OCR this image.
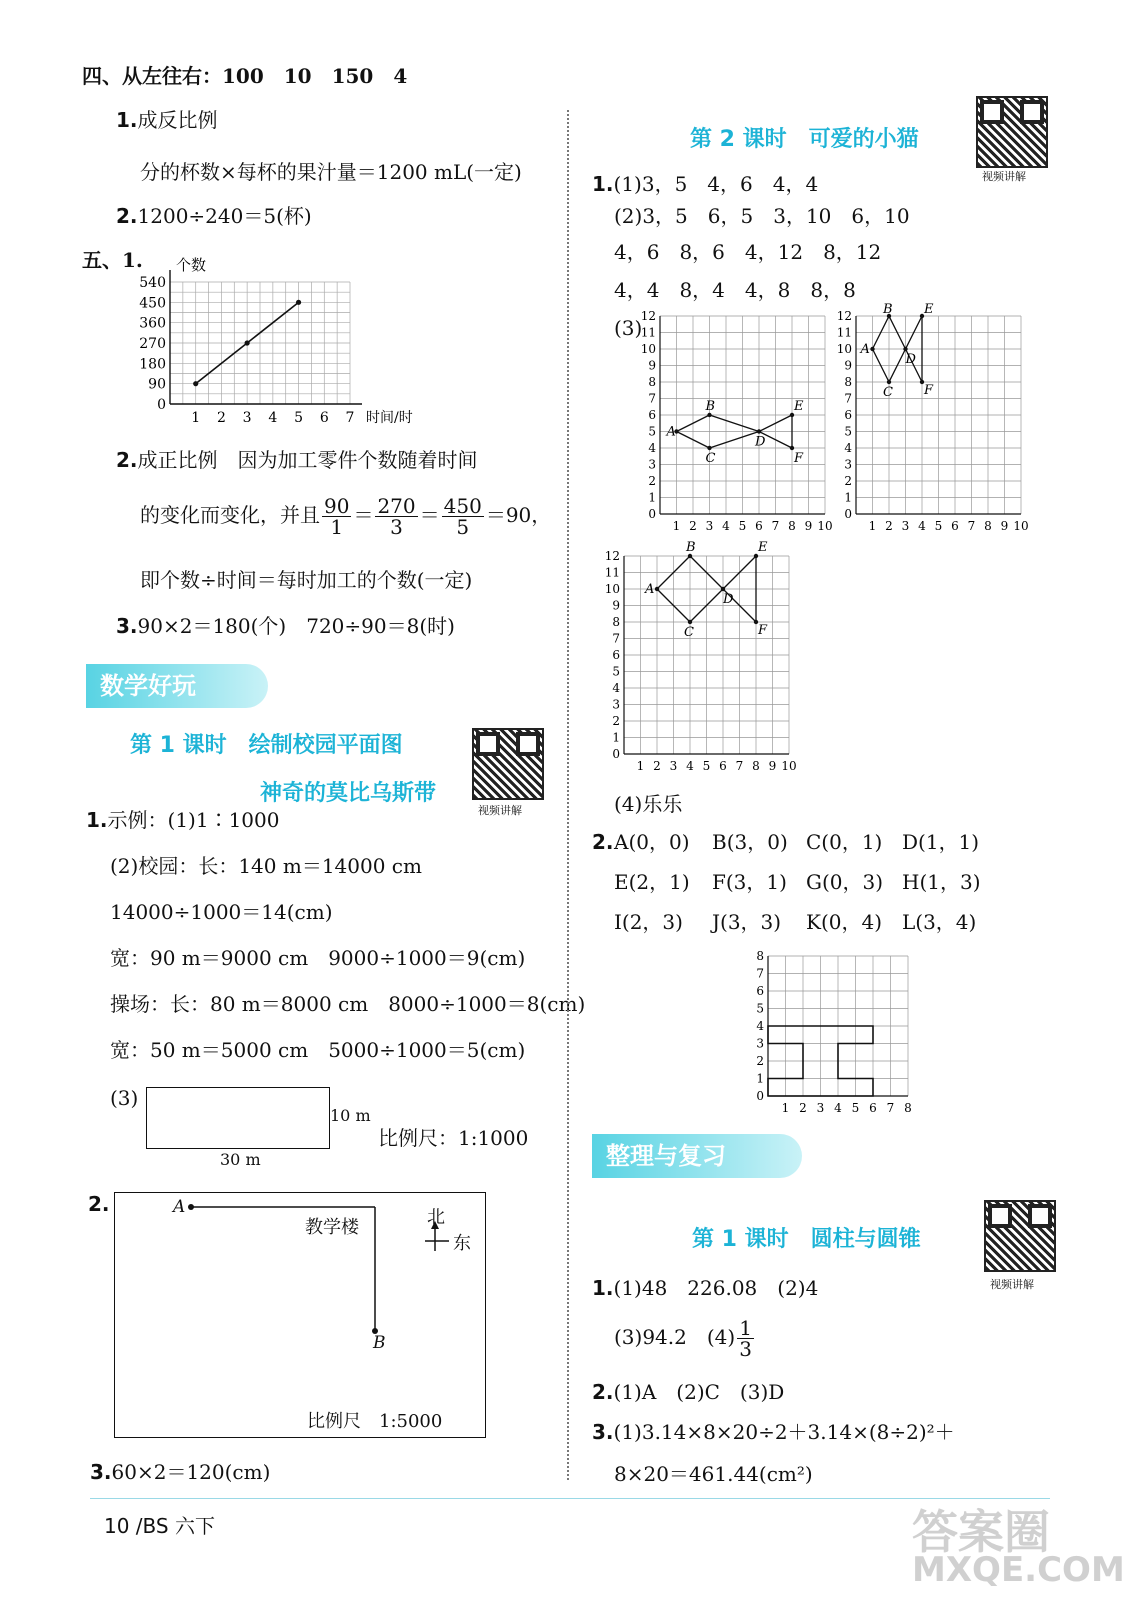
四、从左往右：100　10　150　4
1.成反比例
分的杯数×每杯的果汁量＝1200 mL(一定)
2.1200÷240＝5(杯)
五、1.
0
90
180
270
360
450
540
1 2 3 4 5 6 7
个数
时间/时
2.成正比例　因为加工零件个数随着时间
的变化而变化，并且 $\frac{90}{1} = \frac{270}{3} = \frac{450}{5} =90$，
即个数÷时间＝每时加工的个数(一定)
3.90×2＝180(个)　720÷90＝8(时)
数学好玩
第 1 课时　绘制校园平面图
神奇的莫比乌斯带
视频讲解
1.示例：(1)1∶1000
(2)校园：长：140 m＝14000 cm
14000÷1000＝14(cm)
宽：90 m＝9000 cm　9000÷1000＝9(cm)
操场：长：80 m＝8000 cm　8000÷1000＝8(cm)
宽：50 m＝5000 cm　5000÷1000＝5(cm)
(3)
30 m
10 m
比例尺：1:1000
2.	A
B
教学楼	北
东
比例尺　1:5000
3.60×2＝120(cm)
第 2 课时　可爱的小猫
视频讲解
1.(1)3，5　4，6　4，4
(2)3，5　6，5　3，10　6，10
4，6　8，6　4，12　8，12
4，4　8，4　4，8　8，8
(3)
0
1
2
3
4
5
6
7
8
9
10
11
12
1 2 3 4 5 6 7 8 9 10
A
B
C
D
E
F
0
1
2
3
4
5
6
7
8
9
10
11
12
1 2 3 4 5 6 7 8 9 10
A
B
C
D
E
F
0
1
2
3
4
5
6
7
8
9
10
11
12
1 2 3 4 5 6 7 8 9 10
A
B
C
D
E
F
(4)乐乐
2. A(0，0) B(3，0) C(0，1) D(1，1)
E(2，1) F(3，1) G(0，3) H(1，3)
I(2，3) J(3，3) K(0，4) L(3，4)
0
1
2
3
4
5
6
7
8
1 2 3 4 5 6 7 8
整理与复习
第 1 课时　圆柱与圆锥
视频讲解
1.(1)48　226.08　(2)4
(3)94.2　$(4) \frac{1}{3}$
2.(1)A　(2)C　(3)D
3.(1)3.14×8×20÷2＋3.14×(8÷2)²＋
8×20＝461.44(cm²)
10 /BS 六下	答案圈
MXQE.COM
